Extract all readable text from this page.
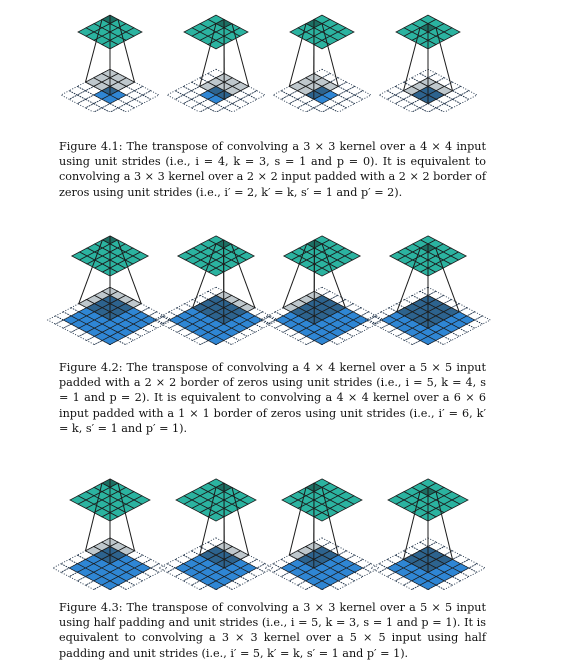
Figure 4.1: The transpose of convolving a 3 × 3 kernel over a 4 × 4 input using unit strides (i.e., i = 4, k = 3, s = 1 and p = 0). It is equivalent to convolving a 3 × 3 kernel over a 2 × 2 input padded with a 2 × 2 border of zeros using unit strides (i.e., i′ = 2, k′ = k, s′ = 1 and p′ = 2).
Figure 4.2: The transpose of convolving a 4 × 4 kernel over a 5 × 5 input padded with a 2 × 2 border of zeros using unit strides (i.e., i = 5, k = 4, s = 1 and p = 2). It is equivalent to convolving a 4 × 4 kernel over a 6 × 6 input padded with a 1 × 1 border of zeros using unit strides (i.e., i′ = 6, k′ = k, s′ = 1 and p′ = 1).
Figure 4.3: The transpose of convolving a 3 × 3 kernel over a 5 × 5 input using half padding and unit strides (i.e., i = 5, k = 3, s = 1 and p = 1). It is equivalent to convolving a 3 × 3 kernel over a 5 × 5 input using half padding and unit strides (i.e., i′ = 5, k′ = k, s′ = 1 and p′ = 1).
